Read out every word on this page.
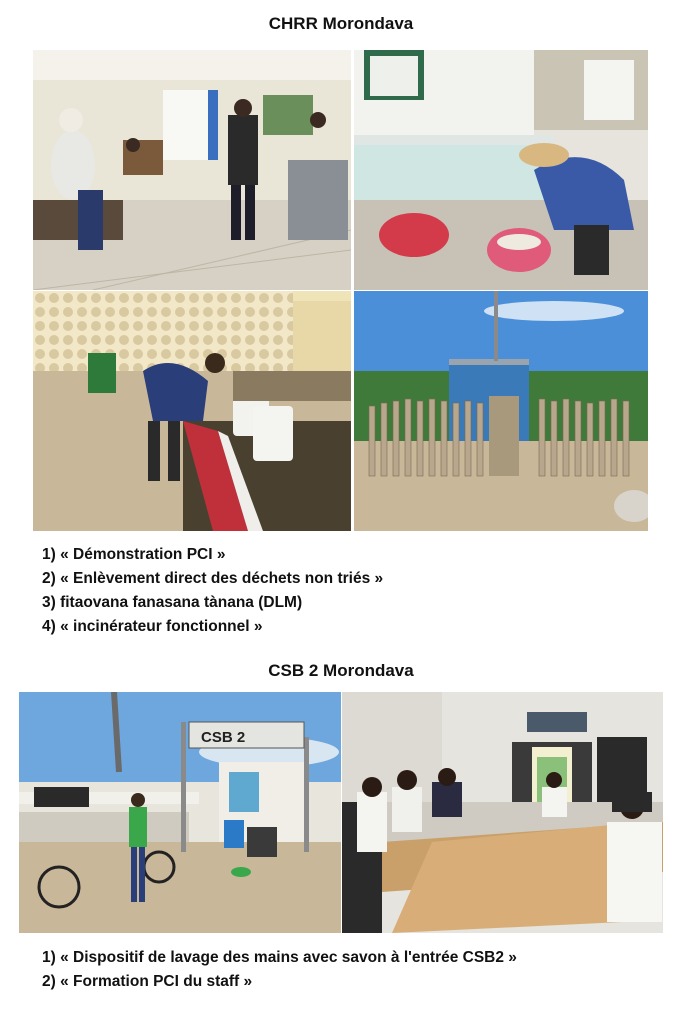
CHRR Morondava
1) « Démonstration PCI »
2) « Enlèvement direct des déchets non triés »
3) fitaovana fanasana tànana (DLM)
4) « incinérateur fonctionnel »
CSB 2 Morondava
CSB 2
1) « Dispositif de lavage des mains avec savon à l'entrée CSB2 »
2) « Formation PCI du staff »
